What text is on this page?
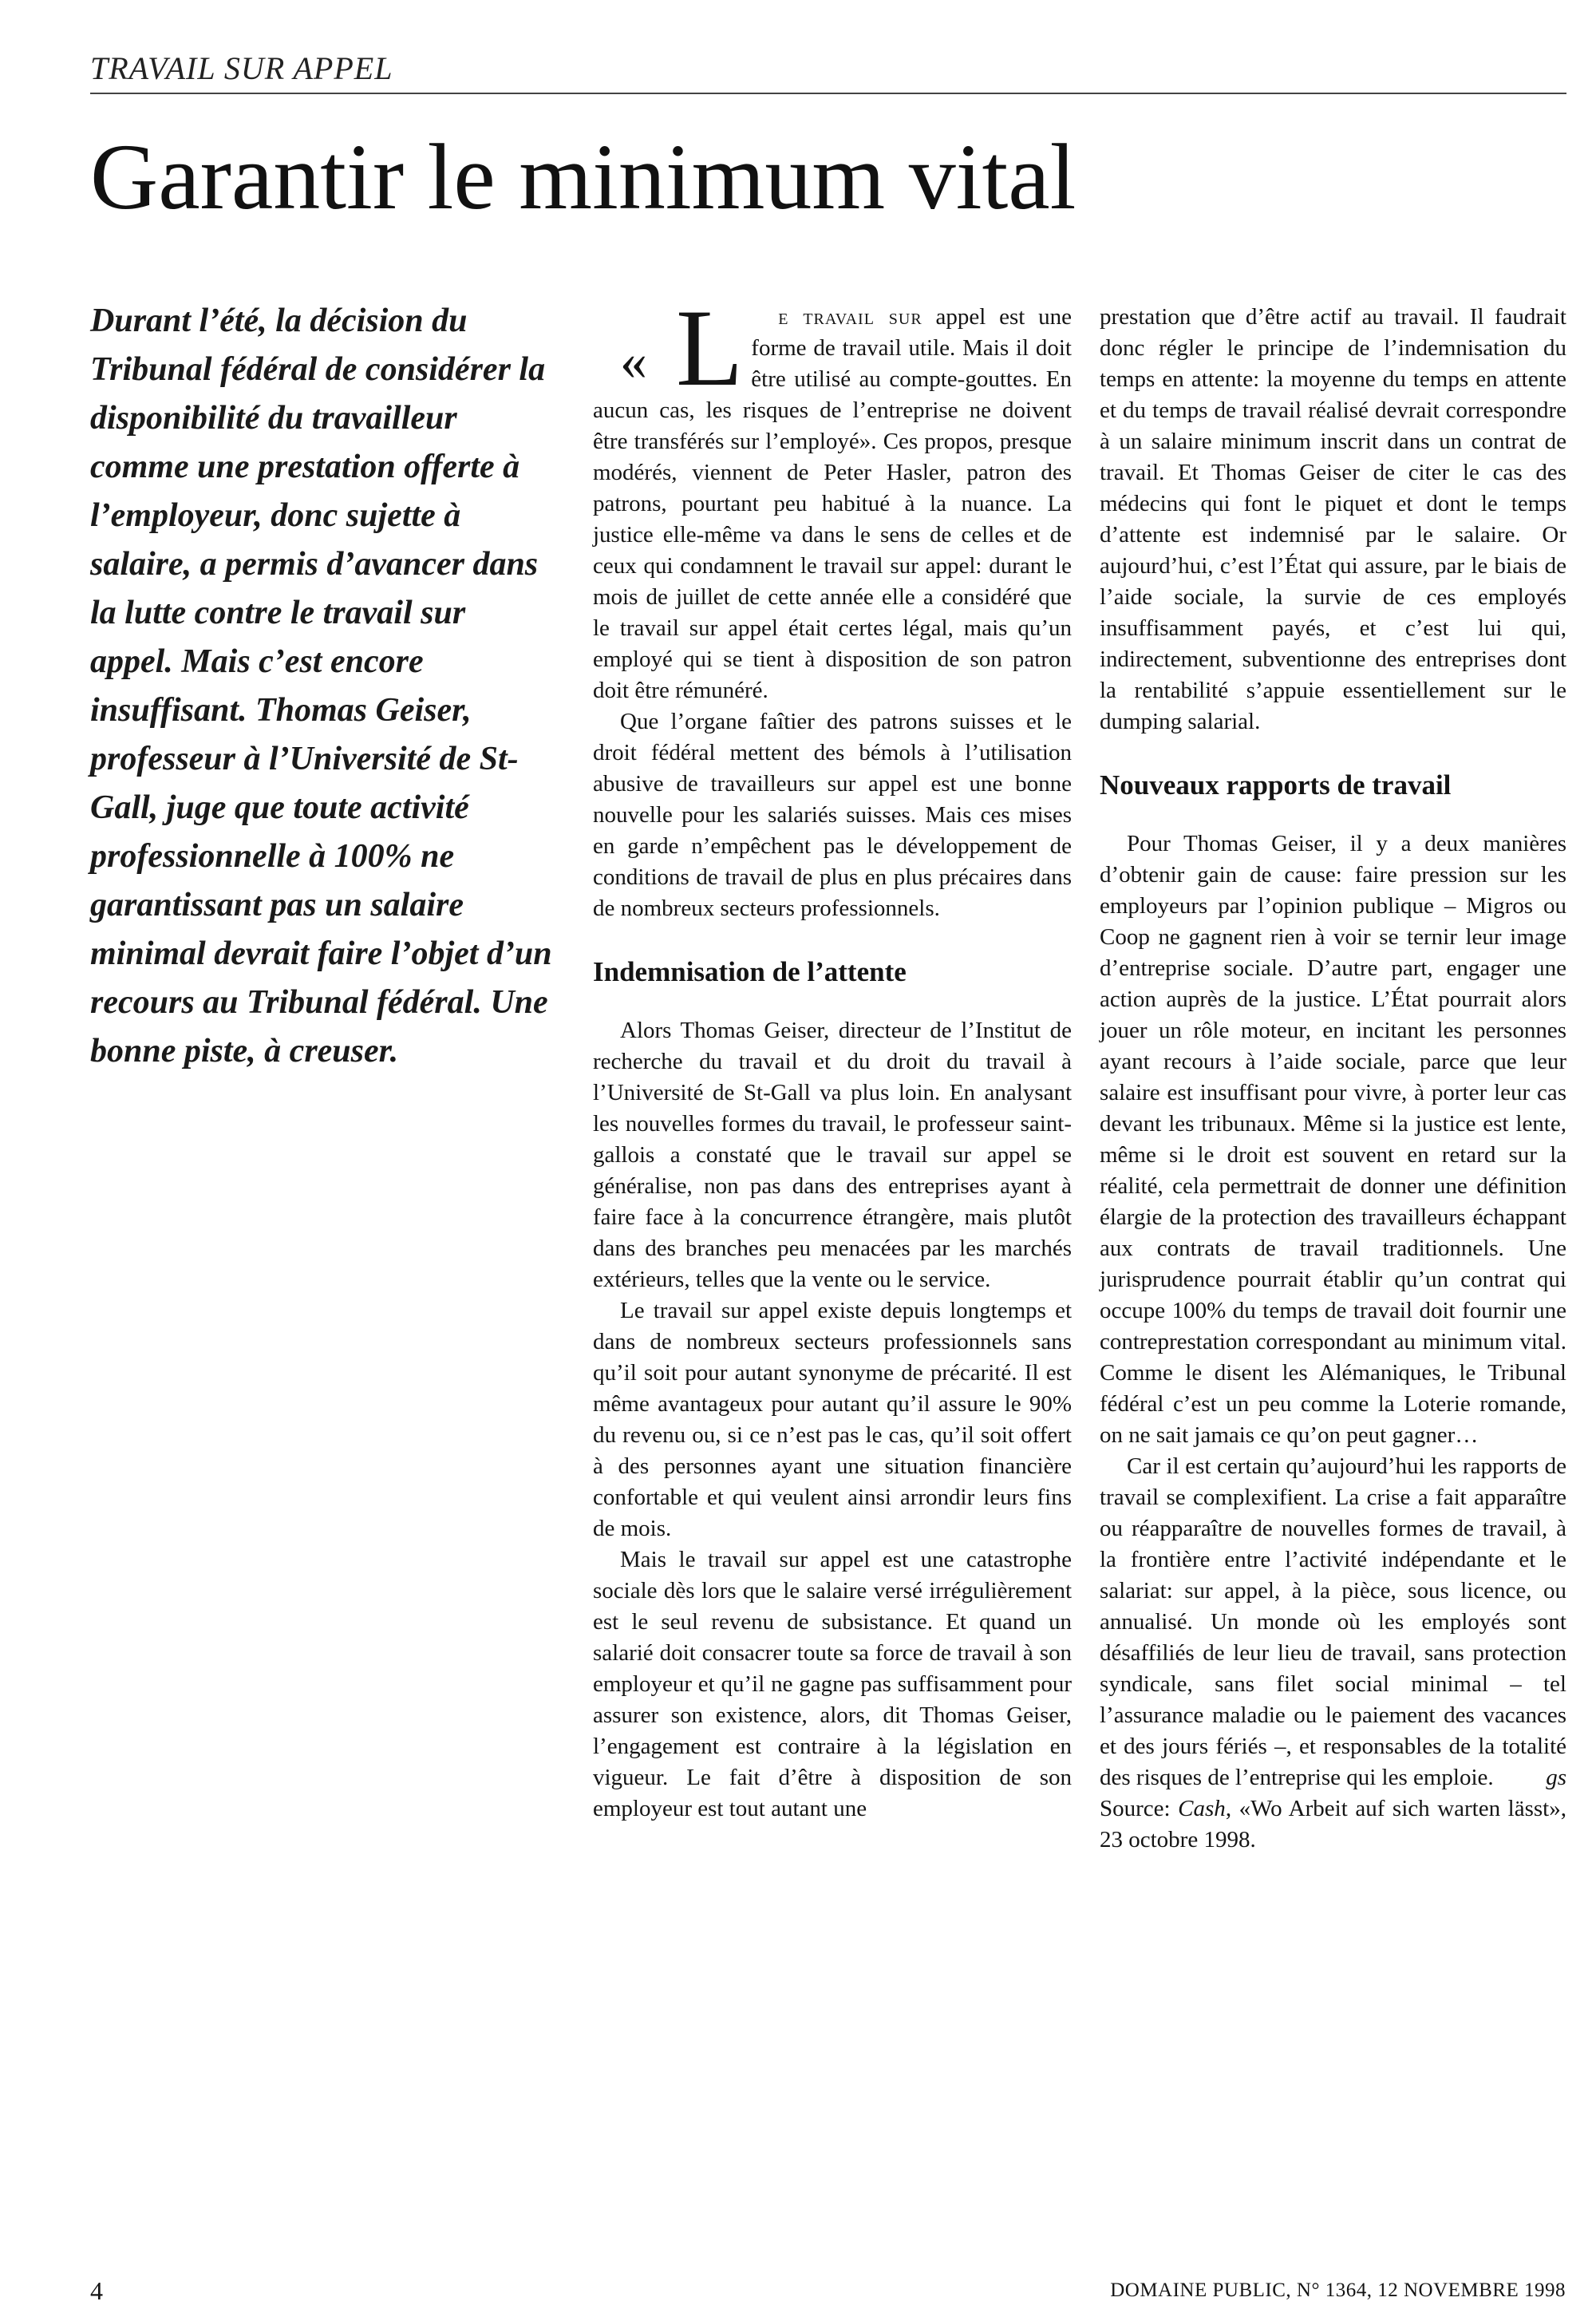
TRAVAIL SUR APPEL
Garantir le minimum vital

Durant l’été, la décision du Tribunal fédéral de considérer la disponibilité du travailleur comme une prestation offerte à l’employeur, donc sujette à salaire, a permis d’avancer dans la lutte contre le travail sur appel. Mais c’est encore insuffisant. Thomas Geiser, professeur à l’Université de St-Gall, juge que toute activité professionnelle à 100% ne garantissant pas un salaire minimal devrait faire l’objet d’un recours au Tribunal fédéral. Une bonne piste, à creuser.

« L e travail sur appel est une forme de travail utile. Mais il doit être utilisé au compte-gouttes. En aucun cas, les risques de l’entreprise ne doivent être transférés sur l’employé». Ces propos, presque modérés, viennent de Peter Hasler, patron des patrons, pourtant peu habitué à la nuance. La justice elle-même va dans le sens de celles et de ceux qui condamnent le travail sur appel: durant le mois de juillet de cette année elle a considéré que le travail sur appel était certes légal, mais qu’un employé qui se tient à disposition de son patron doit être rémunéré.

Que l’organe faîtier des patrons suisses et le droit fédéral mettent des bémols à l’utilisation abusive de travailleurs sur appel est une bonne nouvelle pour les salariés suisses. Mais ces mises en garde n’empêchent pas le développement de conditions de travail de plus en plus précaires dans de nombreux secteurs professionnels.

Indemnisation de l’attente

Alors Thomas Geiser, directeur de l’Institut de recherche du travail et du droit du travail à l’Université de St-Gall va plus loin. En analysant les nouvelles formes du travail, le professeur saint-gallois a constaté que le travail sur appel se généralise, non pas dans des entreprises ayant à faire face à la concurrence étrangère, mais plutôt dans des branches peu menacées par les marchés extérieurs, telles que la vente ou le service.

Le travail sur appel existe depuis longtemps et dans de nombreux secteurs professionnels sans qu’il soit pour autant synonyme de précarité. Il est même avantageux pour autant qu’il assure le 90% du revenu ou, si ce n’est pas le cas, qu’il soit offert à des personnes ayant une situation financière confortable et qui veulent ainsi arrondir leurs fins de mois.

Mais le travail sur appel est une catastrophe sociale dès lors que le salaire versé irrégulièrement est le seul revenu de subsistance. Et quand un salarié doit consacrer toute sa force de travail à son employeur et qu’il ne gagne pas suffisamment pour assurer son existence, alors, dit Thomas Geiser, l’engagement est contraire à la législation en vigueur. Le fait d’être à disposition de son employeur est tout autant une

prestation que d’être actif au travail. Il faudrait donc régler le principe de l’indemnisation du temps en attente: la moyenne du temps en attente et du temps de travail réalisé devrait correspondre à un salaire minimum inscrit dans un contrat de travail. Et Thomas Geiser de citer le cas des médecins qui font le piquet et dont le temps d’attente est indemnisé par le salaire. Or aujourd’hui, c’est l’État qui assure, par le biais de l’aide sociale, la survie de ces employés insuffisamment payés, et c’est lui qui, indirectement, subventionne des entreprises dont la rentabilité s’appuie essentiellement sur le dumping salarial.

Nouveaux rapports de travail

Pour Thomas Geiser, il y a deux manières d’obtenir gain de cause: faire pression sur les employeurs par l’opinion publique – Migros ou Coop ne gagnent rien à voir se ternir leur image d’entreprise sociale. D’autre part, engager une action auprès de la justice. L’État pourrait alors jouer un rôle moteur, en incitant les personnes ayant recours à l’aide sociale, parce que leur salaire est insuffisant pour vivre, à porter leur cas devant les tribunaux. Même si la justice est lente, même si le droit est souvent en retard sur la réalité, cela permettrait de donner une définition élargie de la protection des travailleurs échappant aux contrats de travail traditionnels. Une jurisprudence pourrait établir qu’un contrat qui occupe 100% du temps de travail doit fournir une contreprestation correspondant au minimum vital. Comme le disent les Alémaniques, le Tribunal fédéral c’est un peu comme la Loterie romande, on ne sait jamais ce qu’on peut gagner…

Car il est certain qu’aujourd’hui les rapports de travail se complexifient. La crise a fait apparaître ou réapparaître de nouvelles formes de travail, à la frontière entre l’activité indépendante et le salariat: sur appel, à la pièce, sous licence, ou annualisé. Un monde où les employés sont désaffiliés de leur lieu de travail, sans protection syndicale, sans filet social minimal – tel l’assurance maladie ou le paiement des vacances et des jours fériés –, et responsables de la totalité des risques de l’entreprise qui les emploie.	gs

Source: Cash, «Wo Arbeit auf sich warten lässt», 23 octobre 1998.

4	DOMAINE PUBLIC, N° 1364, 12 NOVEMBRE 1998
